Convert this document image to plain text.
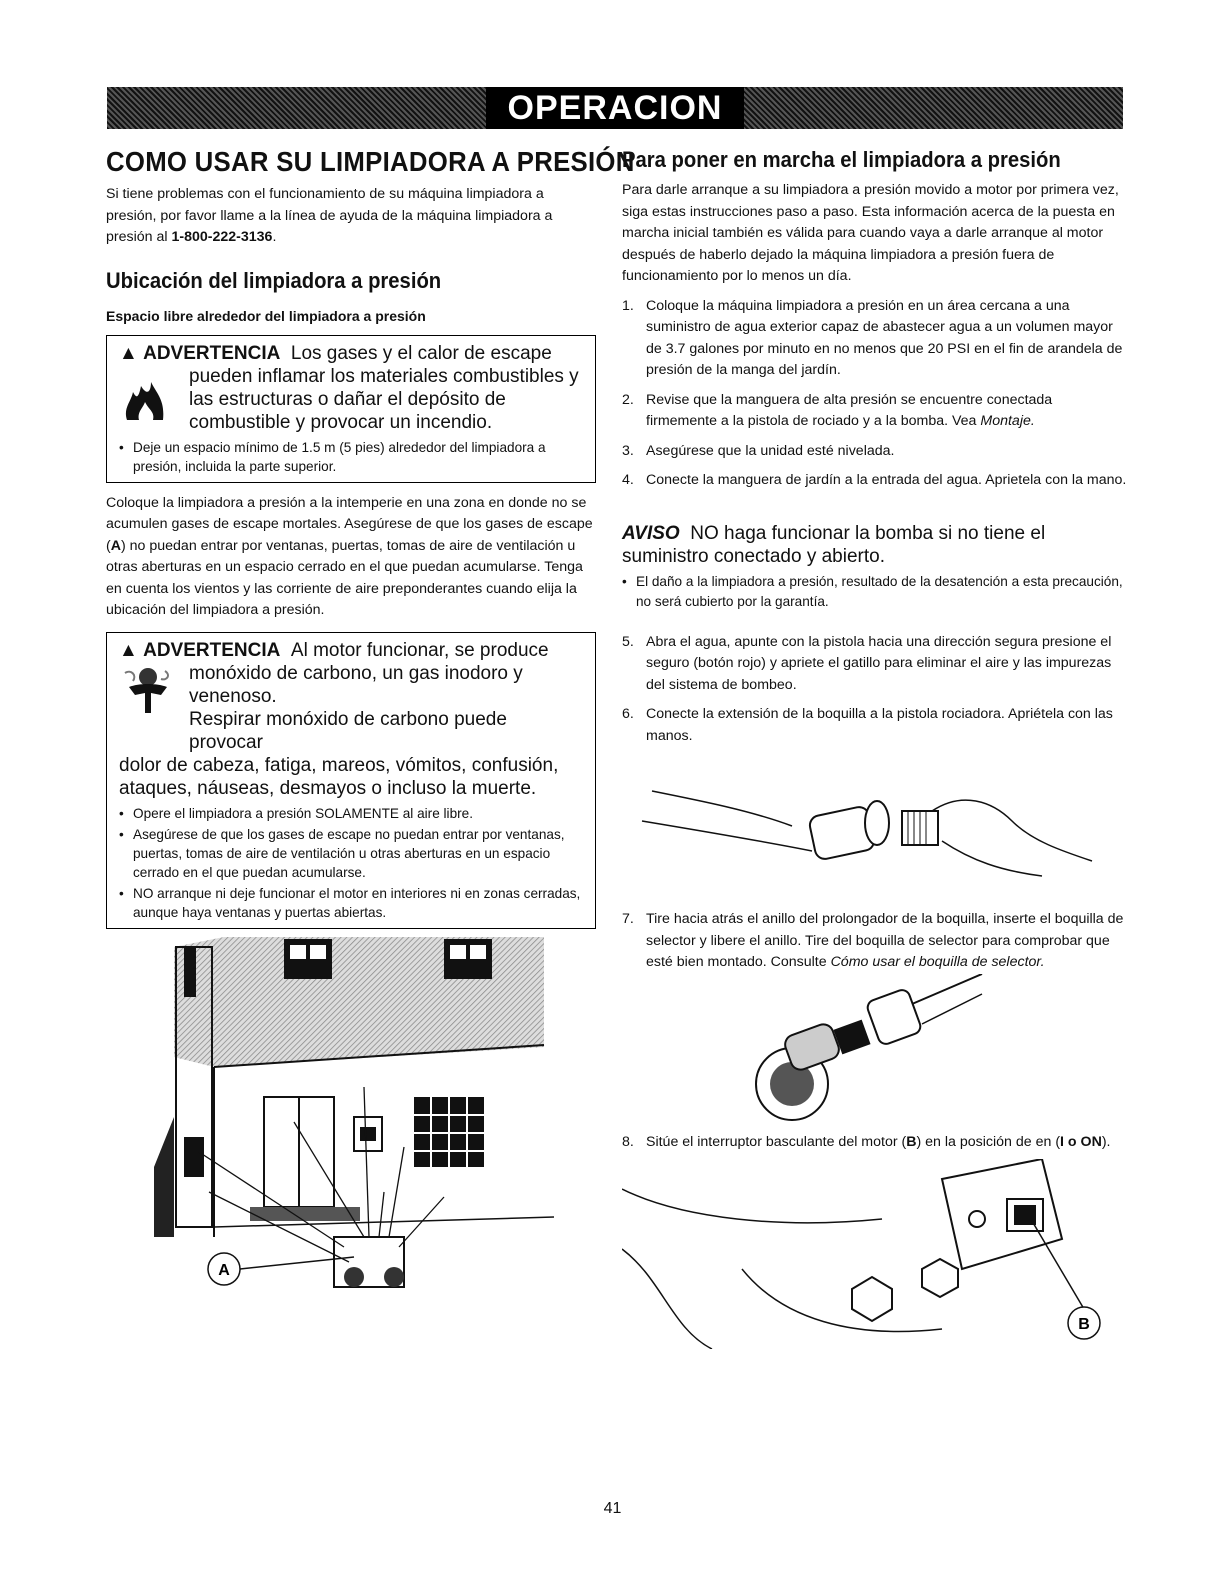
OPERACION
COMO USAR SU LIMPIADORA A PRESIÓN

Si tiene problemas con el funcionamiento de su máquina limpiadora a presión, por favor llame a la línea de ayuda de la máquina limpiadora a presión al 1-800-222-3136.

Ubicación del limpiadora a presión
Espacio libre alrededor del limpiadora a presión
▲ ADVERTENCIA Los gases y el calor de escape
pueden inflamar los materiales combustibles y
las estructuras o dañar el depósito de
combustible y provocar un incendio.
• Deje un espacio mínimo de 1.5 m (5 pies) alrededor del limpiadora a presión, incluida la parte superior.

Coloque la limpiadora a presión a la intemperie en una zona en donde no se acumulen gases de escape mortales. Asegúrese de que los gases de escape (A) no puedan entrar por ventanas, puertas, tomas de aire de ventilación u otras aberturas en un espacio cerrado en el que puedan acumularse. Tenga en cuenta los vientos y las corriente de aire preponderantes cuando elija la ubicación del limpiadora a presión.

▲ ADVERTENCIA Al motor funcionar, se produce
monóxido de carbono, un gas inodoro y
venenoso.
Respirar monóxido de carbono puede provocar
dolor de cabeza, fatiga, mareos, vómitos, confusión,
ataques, náuseas, desmayos o incluso la muerte.
• Opere el limpiadora a presión SOLAMENTE al aire libre.
• Asegúrese de que los gases de escape no puedan entrar por ventanas, puertas, tomas de aire de ventilación u otras aberturas en un espacio cerrado en el que puedan acumularse.
• NO arranque ni deje funcionar el motor en interiores ni en zonas cerradas, aunque haya ventanas y puertas abiertas.
A
Para poner en marcha el limpiadora a presión

Para darle arranque a su limpiadora a presión movido a motor por primera vez, siga estas instrucciones paso a paso. Esta información acerca de la puesta en marcha inicial también es válida para cuando vaya a darle arranque al motor después de haberlo dejado la máquina limpiadora a presión fuera de funcionamiento por lo menos un día.

1. Coloque la máquina limpiadora a presión en un área cercana a una suministro de agua exterior capaz de abastecer agua a un volumen mayor de 3.7 galones por minuto en no menos que 20 PSI en el fin de arandela de presión de la manga del jardín.
2. Revise que la manguera de alta presión se encuentre conectada firmemente a la pistola de rociado y a la bomba. Vea Montaje.
3. Asegúrese que la unidad esté nivelada.
4. Conecte la manguera de jardín a la entrada del agua. Aprietela con la mano.
AVISO NO haga funcionar la bomba si no tiene el
suministro conectado y abierto.
• El daño a la limpiadora a presión, resultado de la desatención a esta precaución, no será cubierto por la garantía.
5. Abra el agua, apunte con la pistola hacia una dirección segura presione el seguro (botón rojo) y apriete el gatillo para eliminar el aire y las impurezas del sistema de bombeo.
6. Conecte la extensión de la boquilla a la pistola rociadora. Apriétela con las manos.
7. Tire hacia atrás el anillo del prolongador de la boquilla, inserte el boquilla de selector y libere el anillo. Tire del boquilla de selector para comprobar que esté bien montado. Consulte Cómo usar el boquilla de selector.
8. Sitúe el interruptor basculante del motor (B) en la posición de en (I o ON).
B
41
